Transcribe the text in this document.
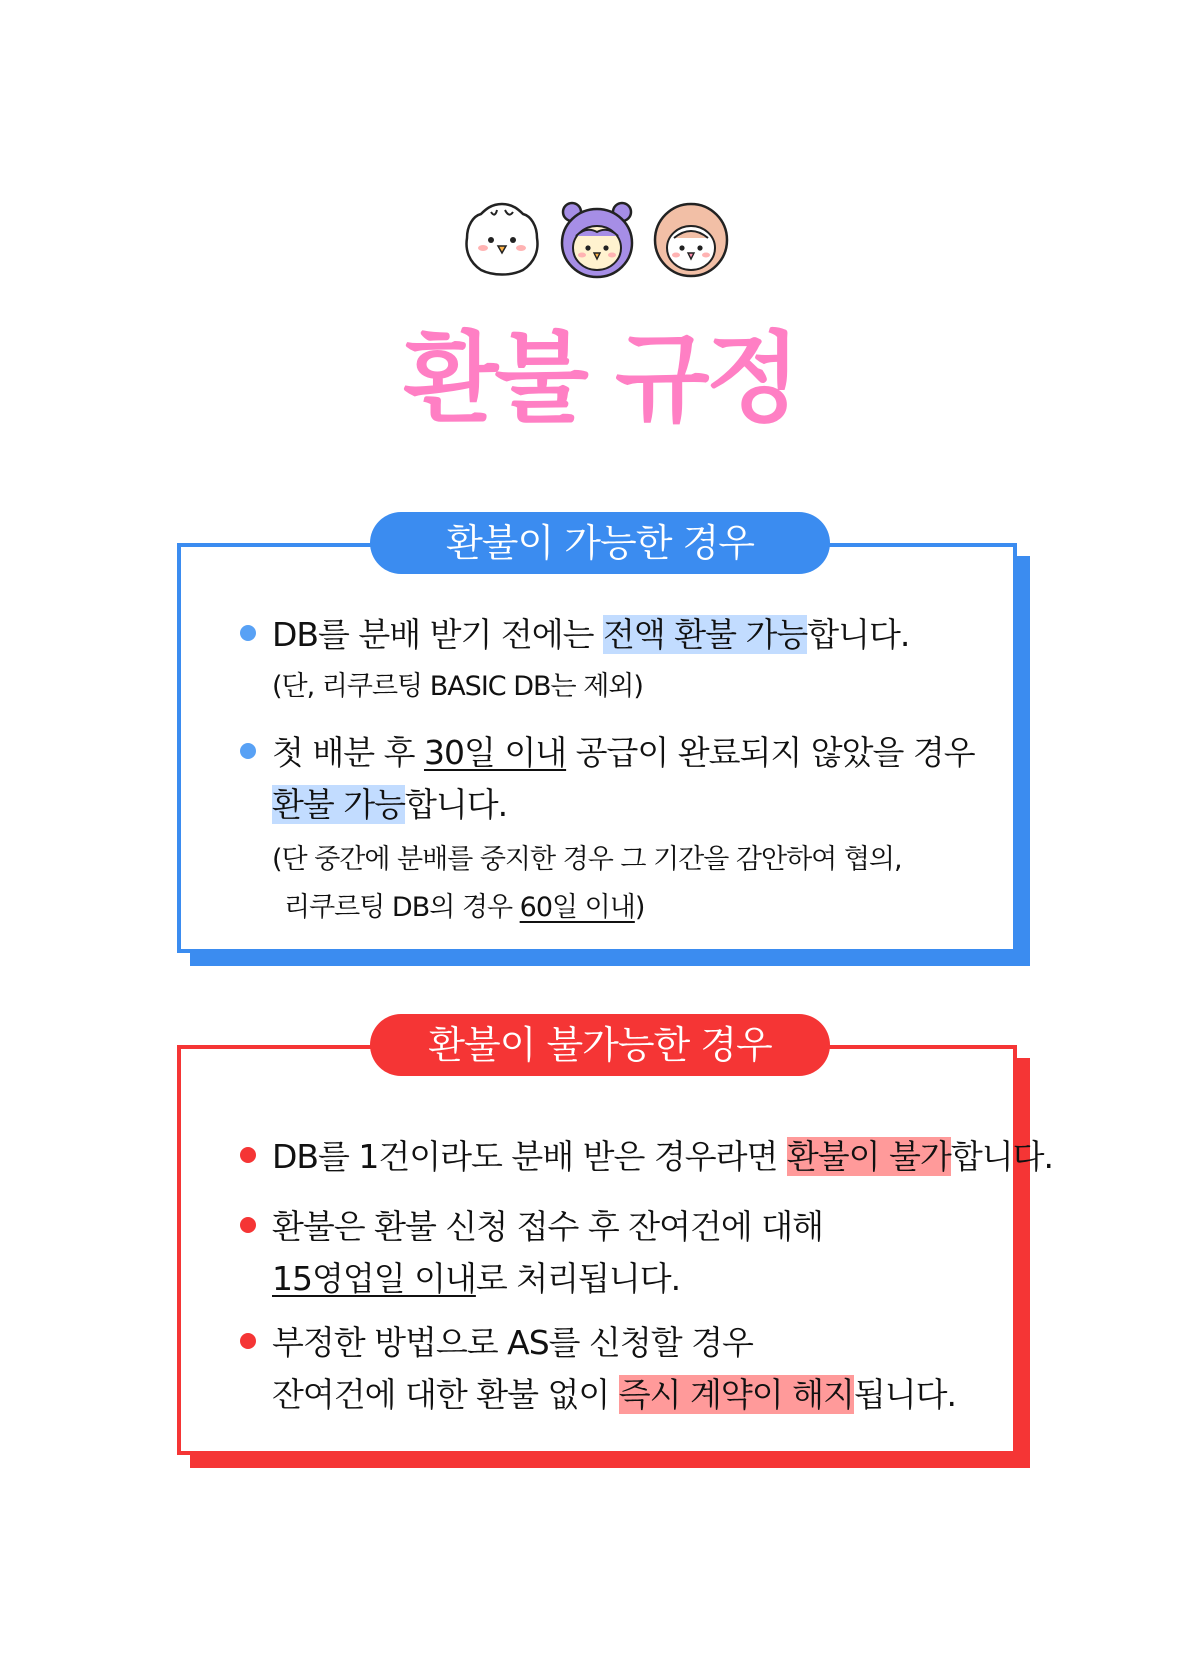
환불 규정
DB를 분배 받기 전에는 전액 환불 가능합니다.
(단, 리쿠르팅 BASIC DB는 제외)
첫 배분 후 30일 이내 공급이 완료되지 않았을 경우
환불 가능합니다.
(단 중간에 분배를 중지한 경우 그 기간을 감안하여 협의,
리쿠르팅 DB의 경우 60일 이내)
환불이 가능한 경우
DB를 1건이라도 분배 받은 경우라면 환불이 불가합니다.
환불은 환불 신청 접수 후 잔여건에 대해
15영업일 이내로 처리됩니다.
부정한 방법으로 AS를 신청할 경우
잔여건에 대한 환불 없이 즉시 계약이 해지됩니다.
환불이 불가능한 경우
